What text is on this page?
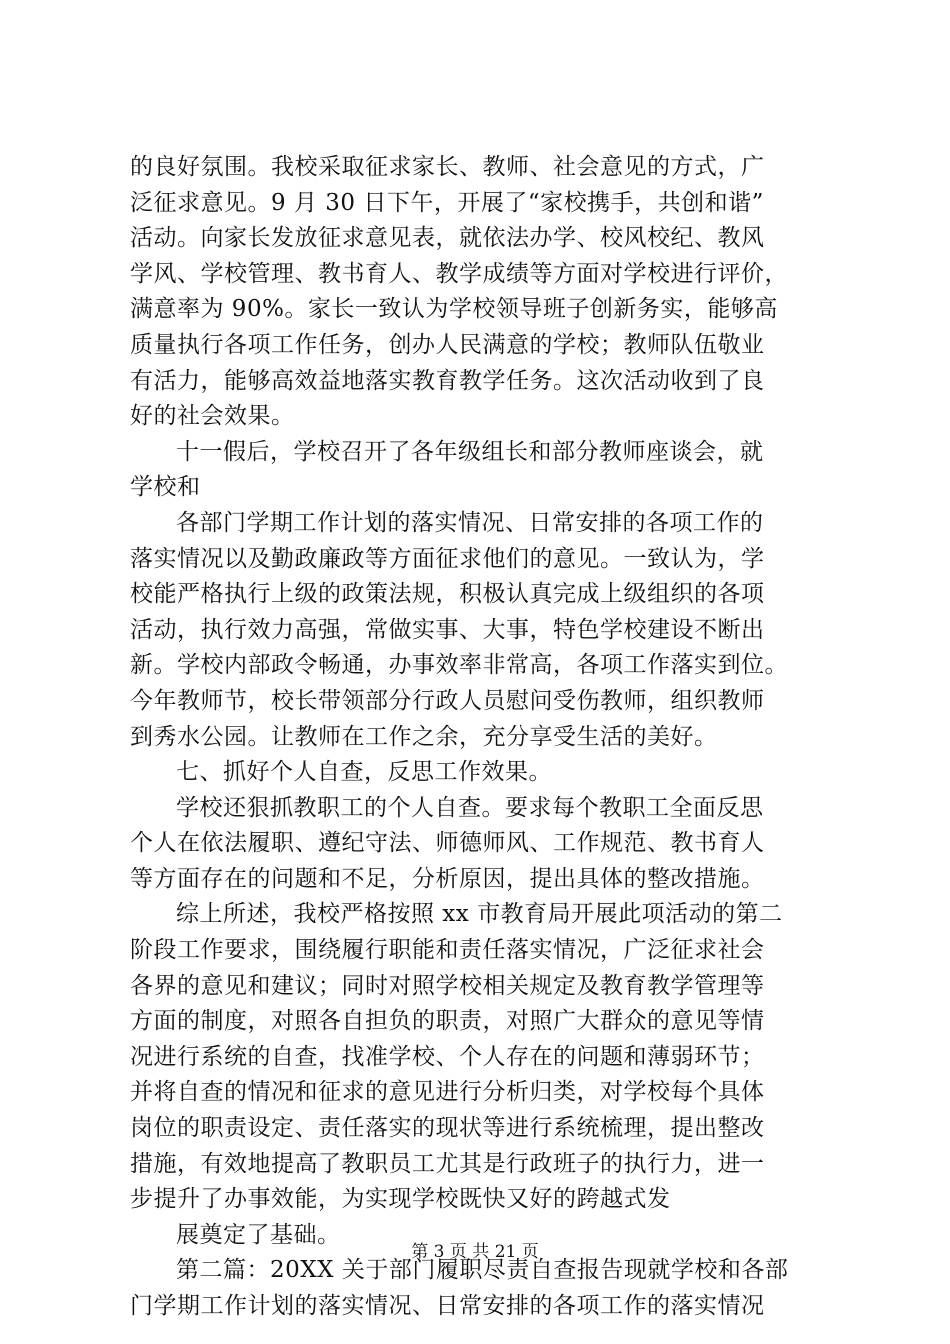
的良好氛围。我校采取征求家长、教师、社会意见的方式，广
泛征求意见。9 月 30 日下午，开展了“家校携手，共创和谐”
活动。向家长发放征求意见表，就依法办学、校风校纪、教风
学风、学校管理、教书育人、教学成绩等方面对学校进行评价，
满意率为 90%。家长一致认为学校领导班子创新务实，能够高
质量执行各项工作任务，创办人民满意的学校；教师队伍敬业
有活力，能够高效益地落实教育教学任务。这次活动收到了良
好的社会效果。
十一假后，学校召开了各年级组长和部分教师座谈会，就
学校和
各部门学期工作计划的落实情况、日常安排的各项工作的
落实情况以及勤政廉政等方面征求他们的意见。一致认为，学
校能严格执行上级的政策法规，积极认真完成上级组织的各项
活动，执行效力高强，常做实事、大事，特色学校建设不断出
新。学校内部政令畅通，办事效率非常高，各项工作落实到位。
今年教师节，校长带领部分行政人员慰问受伤教师，组织教师
到秀水公园。让教师在工作之余，充分享受生活的美好。
七、抓好个人自查，反思工作效果。
学校还狠抓教职工的个人自查。要求每个教职工全面反思
个人在依法履职、遵纪守法、师德师风、工作规范、教书育人
等方面存在的问题和不足，分析原因，提出具体的整改措施。
综上所述，我校严格按照 xx 市教育局开展此项活动的第二
阶段工作要求，围绕履行职能和责任落实情况，广泛征求社会
各界的意见和建议；同时对照学校相关规定及教育教学管理等
方面的制度，对照各自担负的职责，对照广大群众的意见等情
况进行系统的自查，找准学校、个人存在的问题和薄弱环节；
并将自查的情况和征求的意见进行分析归类，对学校每个具体
岗位的职责设定、责任落实的现状等进行系统梳理，提出整改
措施，有效地提高了教职员工尤其是行政班子的执行力，进一
步提升了办事效能，为实现学校既快又好的跨越式发
展奠定了基础。
第二篇：20XX 关于部门履职尽责自查报告现就学校和各部
门学期工作计划的落实情况、日常安排的各项工作的落实情况
第 3 页 共 21 页
